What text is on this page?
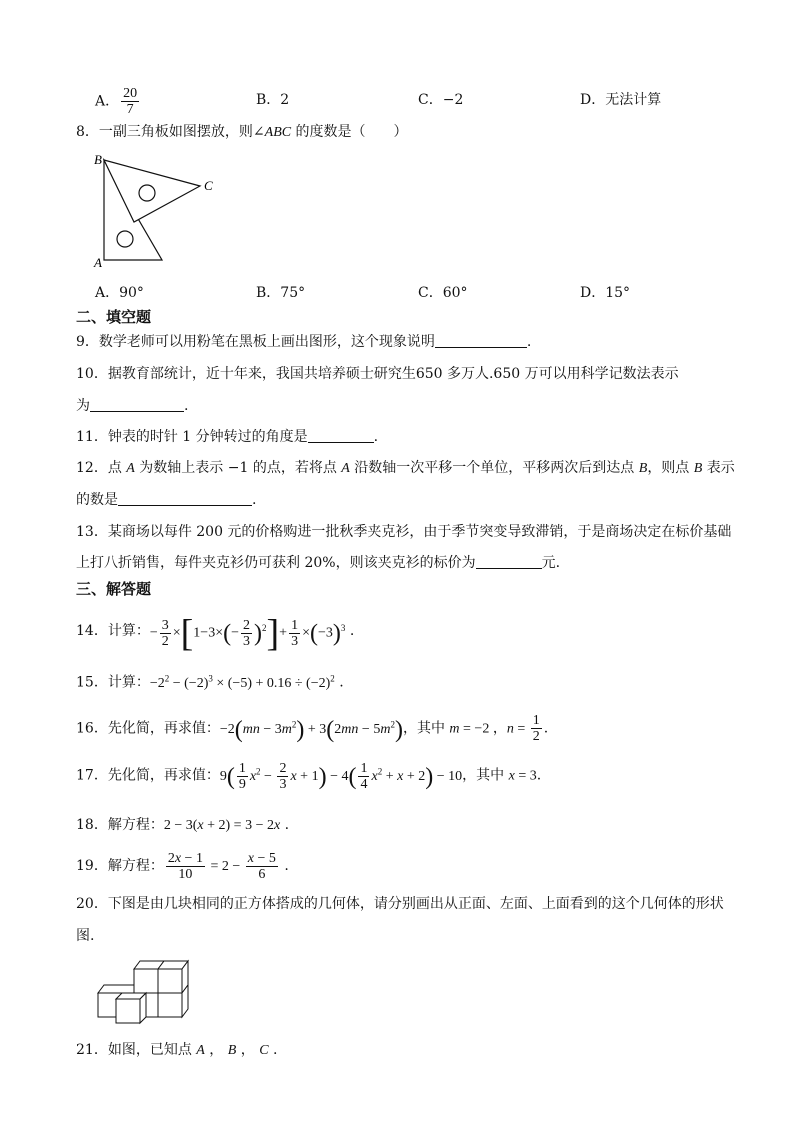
A． $\frac{20}{7}$	B．2	C．−2	D．无法计算
8．一副三角板如图摆放，则∠ABC 的度数是（　　）
B
C
A
A．90°	B．75°	C．60°	D．15°
二、填空题
9．数学老师可以用粉笔在黑板上画出图形，这个现象说明	.
10．据教育部统计，近十年来，我国共培养硕士研究生650 多万人.650 万可以用科学记数法表示
为	.
11．钟表的时针 1 分钟转过的角度是	.
12．点 A 为数轴上表示 −1 的点，若将点 A 沿数轴一次平移一个单位，平移两次后到达点 B，则点 B 表示
的数是	.
13．某商场以每件 200 元的价格购进一批秋季夹克衫，由于季节突变导致滞销，于是商场决定在标价基础
上打八折销售，每件夹克衫仍可获利 20%，则该夹克衫的标价为	元.
三、解答题
14．计算：− $\frac{3}{2} \times[1-3\times(- \frac{2}{3} )^2]+ \frac{1}{3} \times(-3)^3$ .
15．计算：$-2^2 - (-2)^3 \times (-5) + 0.16 \div (-2)^2$ .
16．先化简，再求值：$-2(mn - 3m^2) + 3(2mn - 5m^2)$，其中 m = −2 ，$n = \frac{1}{2}$ .
17．先化简，再求值：$9( \frac{1}{9} x^2 - \frac{2}{3}$ $x + 1) - 4( \frac{1}{4} x^2 + x + 2) - 10$，其中 x = 3.
18．解方程：2 − 3(x + 2) = 3 − 2x .
19．解方程： $\frac{2x - 1}{10} = 2 - \frac{x - 5}{6}$ .
20．下图是由几块相同的正方体搭成的几何体，请分别画出从正面、左面、上面看到的这个几何体的形状
图.
21．如图，已知点 A ， B ， C .
